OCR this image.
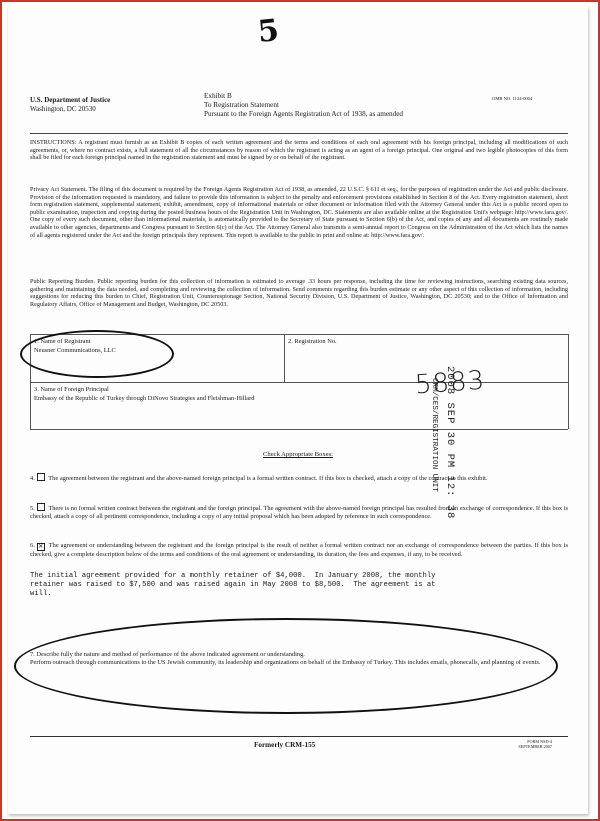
5
U.S. Department of Justice
Washington, DC 20530
Exhibit B
To Registration Statement
Pursuant to the Foreign Agents Registration Act of 1938, as amended
OMB NO. 1124-0004
INSTRUCTIONS: A registrant must furnish as an Exhibit B copies of each written agreement and the terms and conditions of each oral agreement with his foreign principal, including all modifications of such agreements, or, where no contract exists, a full statement of all the circumstances by reason of which the registrant is acting as an agent of a foreign principal. One original and two legible photocopies of this form shall be filed for each foreign principal named in the registration statement and must be signed by or on behalf of the registrant.
Privacy Act Statement. The filing of this document is required by the Foreign Agents Registration Act of 1938, as amended, 22 U.S.C. § 611 et seq., for the purposes of registration under the Act and public disclosure. Provision of the information requested is mandatory, and failure to provide this information is subject to the penalty and enforcement provisions established in Section 8 of the Act. Every registration statement, short form registration statement, supplemental statement, exhibit, amendment, copy of informational materials or other document or information filed with the Attorney General under this Act is a public record open to public examination, inspection and copying during the posted business hours of the Registration Unit in Washington, DC. Statements are also available online at the Registration Unit's webpage: http://www.fara.gov/. One copy of every such document, other than informational materials, is automatically provided to the Secretary of State pursuant to Section 6(b) of the Act, and copies of any and all documents are routinely made available to other agencies, departments and Congress pursuant to Section 6(c) of the Act. The Attorney General also transmits a semi-annual report to Congress on the Administration of the Act which lists the names of all agents registered under the Act and the foreign principals they represent. This report is available to the public in print and online at: http://www.fara.gov/.
Public Reporting Burden. Public reporting burden for this collection of information is estimated to average .33 hours per response, including the time for reviewing instructions, searching existing data sources, gathering and maintaining the data needed, and completing and reviewing the collection of information. Send comments regarding this burden estimate or any other aspect of this collection of information, including suggestions for reducing this burden to Chief, Registration Unit, Counterespionage Section, National Security Division, U.S. Department of Justice, Washington, DC 20530; and to the Office of Information and Regulatory Affairs, Office of Management and Budget, Washington, DC 20503.
1. Name of Registrant
Neusner Communications, LLC
2. Registration No.
5883
3. Name of Foreign Principal
Embassy of the Republic of Turkey through DiNovo Strategies and Fleishman-Hillard	2008 SEP 30 PM 12: 38
CRM/CES/REGISTRATION UNIT
Check Appropriate Boxes:
4. The agreement between the registrant and the above-named foreign principal is a formal written contract. If this box is checked, attach a copy of the contract to this exhibit.
5. There is no formal written contract between the registrant and the foreign principal. The agreement with the above-named foreign principal has resulted from an exchange of correspondence. If this box is checked, attach a copy of all pertinent correspondence, including a copy of any initial proposal which has been adopted by reference in such correspondence.
6. ✕ The agreement or understanding between the registrant and the foreign principal is the result of neither a formal written contract nor an exchange of correspondence between the parties. If this box is checked, give a complete description below of the terms and conditions of the oral agreement or understanding, its duration, the fees and expenses, if any, to be received.
The initial agreement provided for a monthly retainer of $4,000.  In January 2008, the monthly
retainer was raised to $7,500 and was raised again in May 2008 to $8,500.  The agreement is at
will.
7. Describe fully the nature and method of performance of the above indicated agreement or understanding.
Perform outreach through communications to the US Jewish community, its leadership and organizations on behalf of the Embassy of Turkey. This includes emails, phonecalls, and planning of events.
Formerly CRM-155	FORM NSD-4
SEPTEMBER 2007
